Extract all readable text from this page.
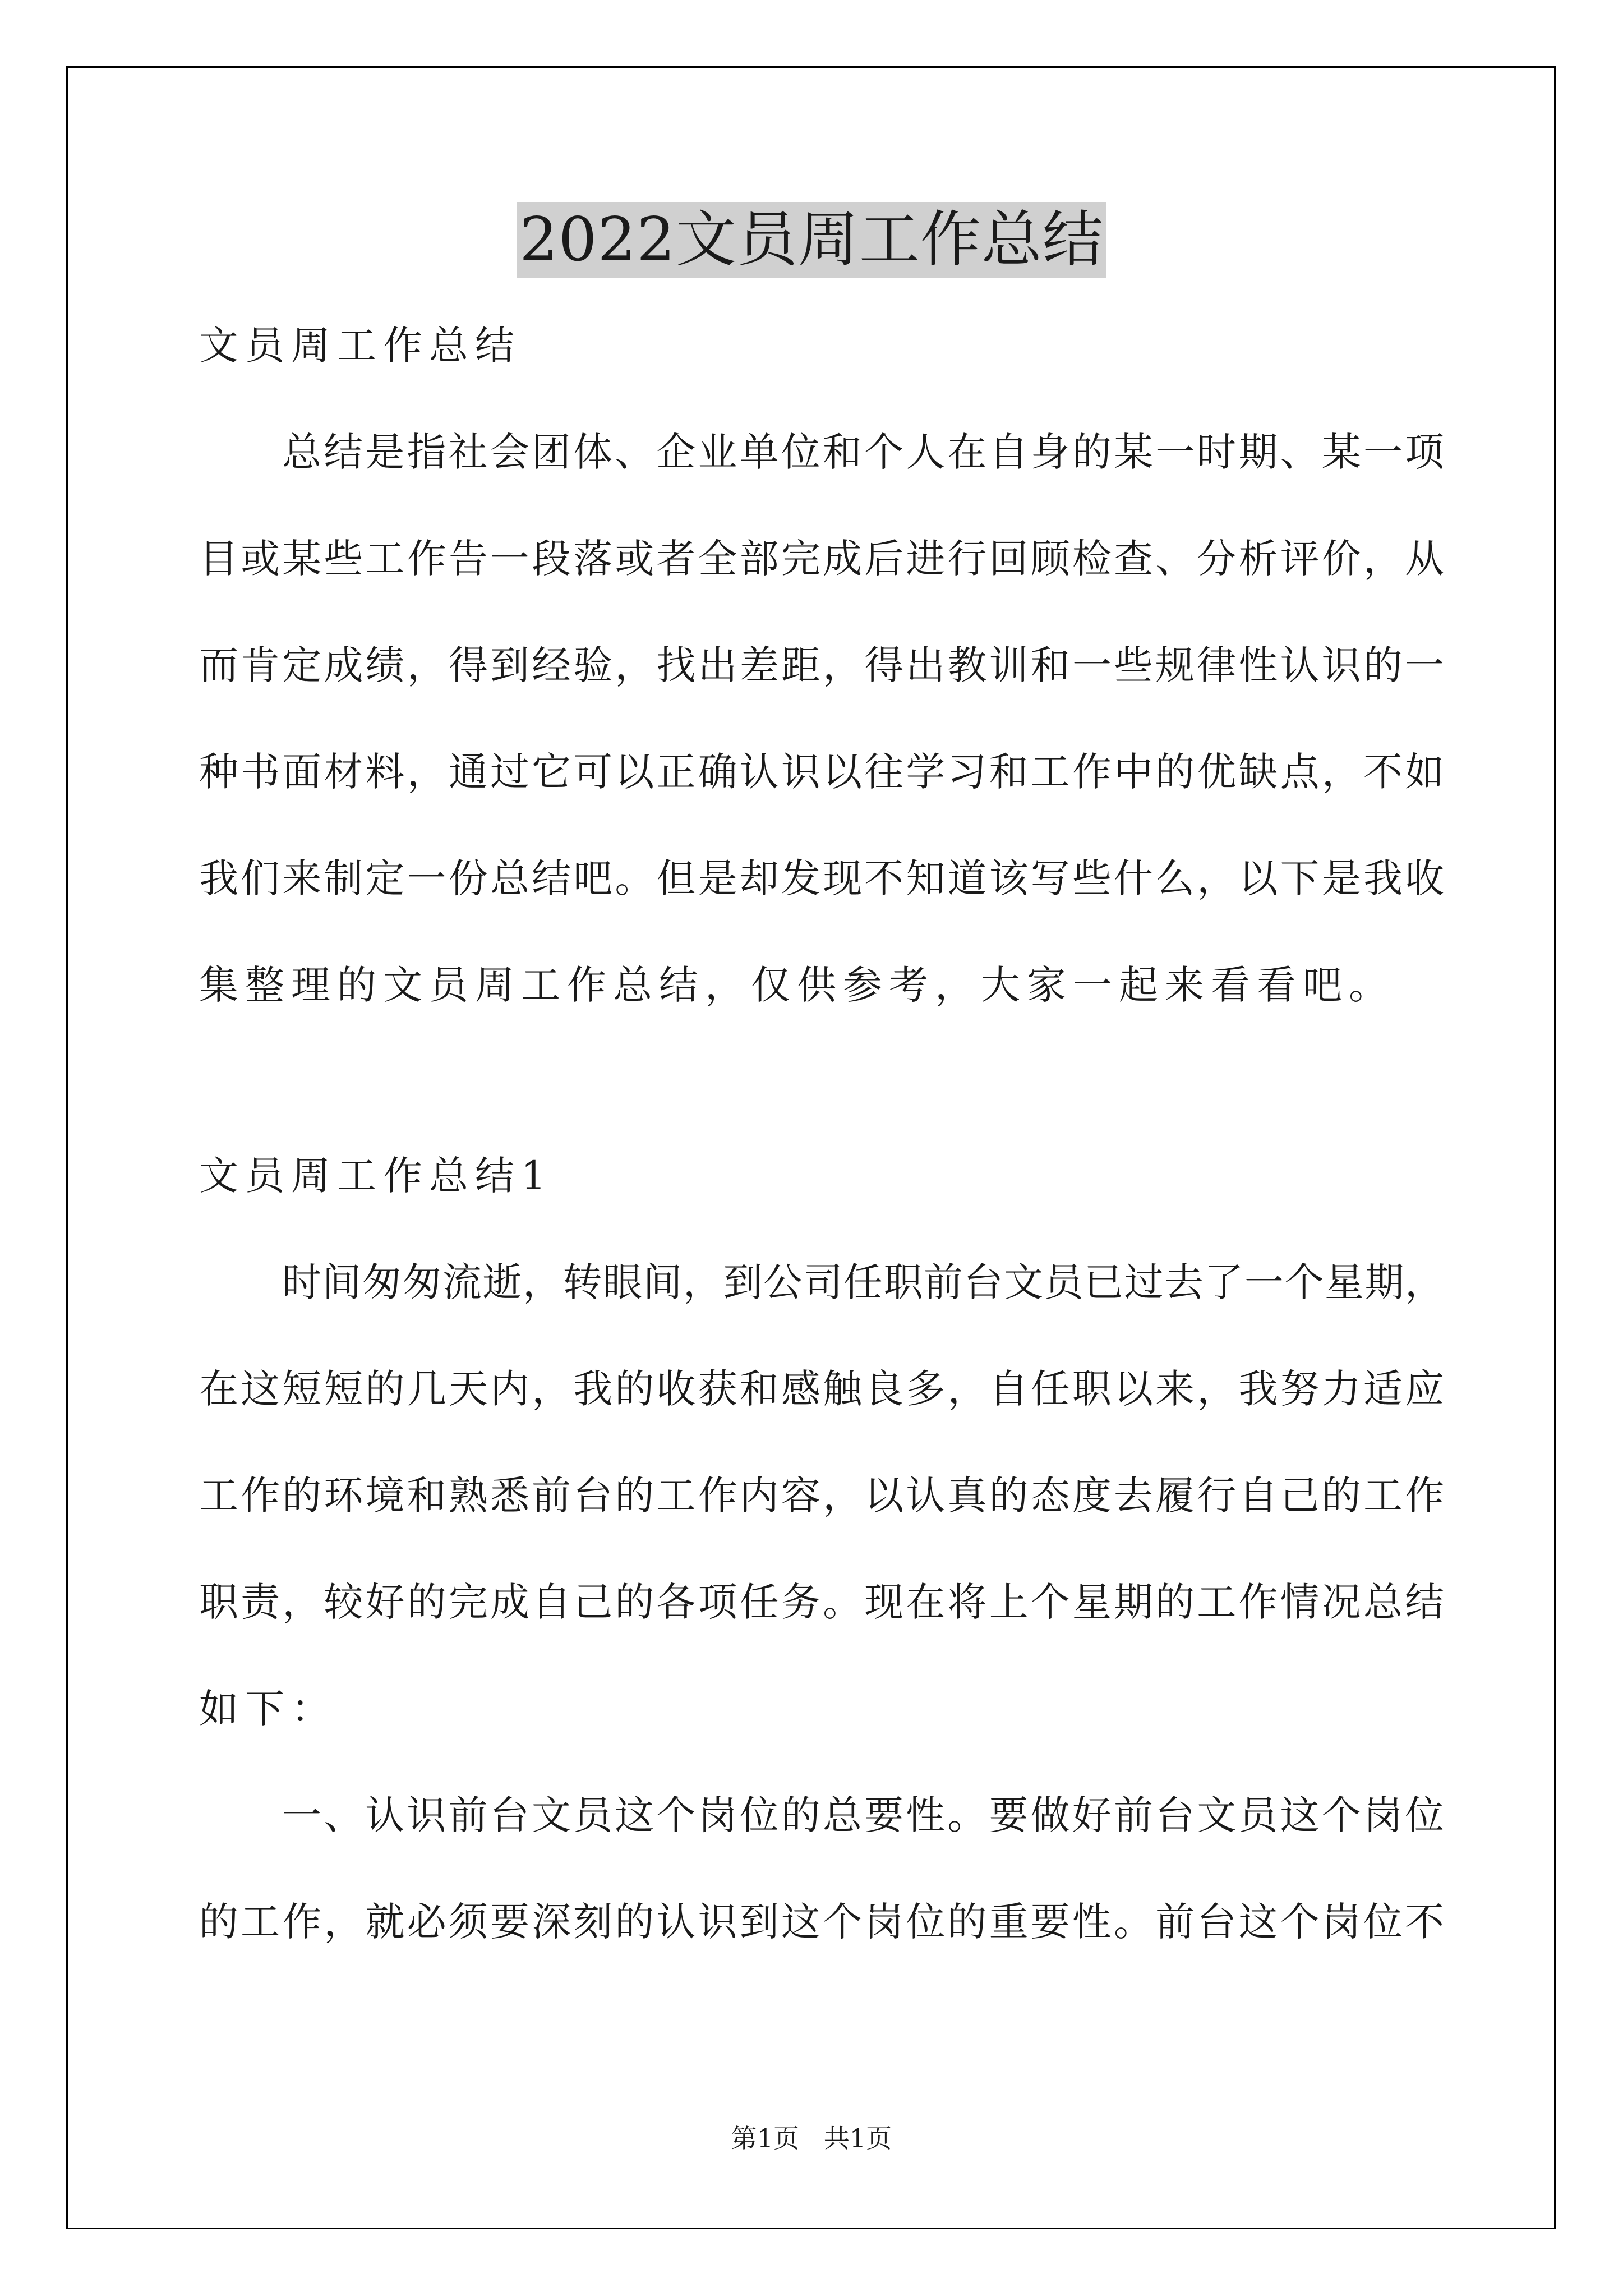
2022文员周工作总结
文员周工作总结
总结是指社会团体、企业单位和个人在自身的某一时期、某一项
目或某些工作告一段落或者全部完成后进行回顾检查、分析评价，从
而肯定成绩，得到经验，找出差距，得出教训和一些规律性认识的一
种书面材料，通过它可以正确认识以往学习和工作中的优缺点，不如
我们来制定一份总结吧。但是却发现不知道该写些什么，以下是我收
集整理的文员周工作总结，仅供参考，大家一起来看看吧。
文员周工作总结1
时间匆匆流逝，转眼间，到公司任职前台文员已过去了一个星期，
在这短短的几天内，我的收获和感触良多，自任职以来，我努力适应
工作的环境和熟悉前台的工作内容，以认真的态度去履行自己的工作
职责，较好的完成自己的各项任务。现在将上个星期的工作情况总结
如下：
一、认识前台文员这个岗位的总要性。要做好前台文员这个岗位
的工作，就必须要深刻的认识到这个岗位的重要性。前台这个岗位不
第1页   共1页
